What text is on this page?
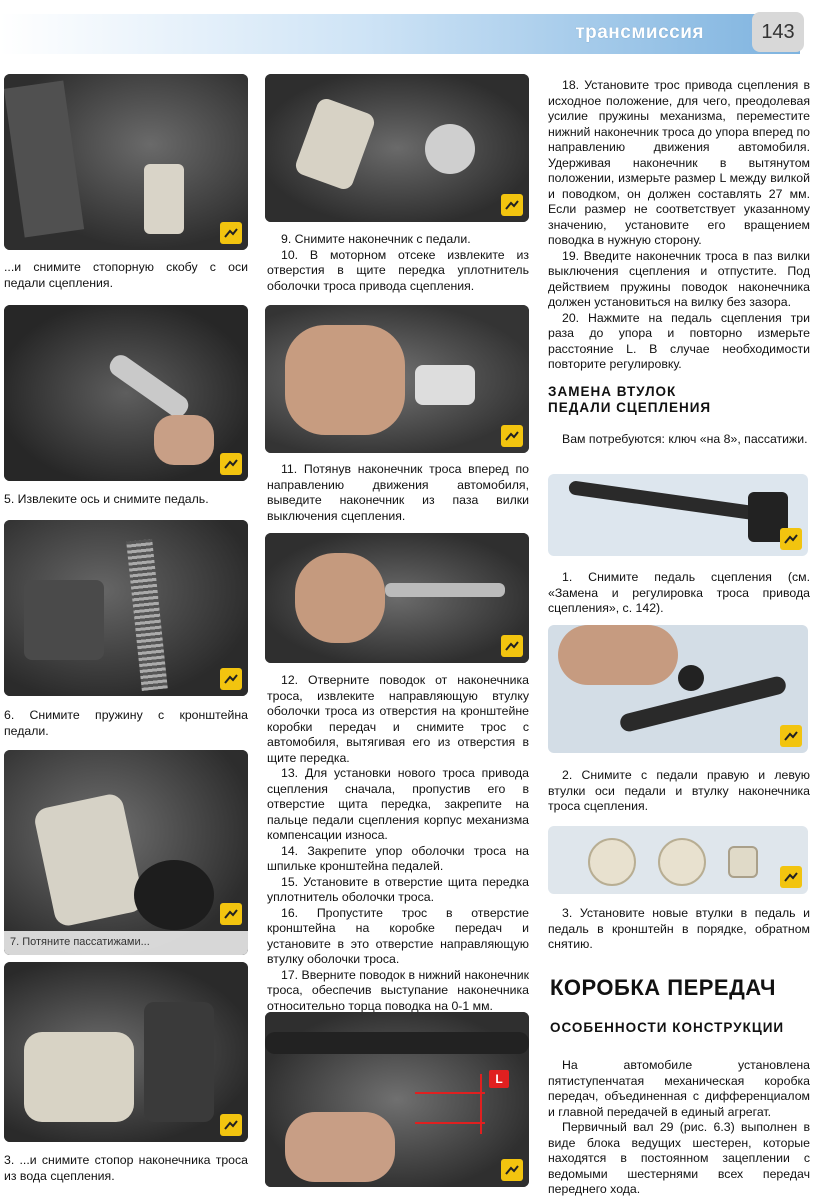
трансмиссия	143
...и снимите стопорную скобу с оси педали сцепления.
5. Извлеките ось и снимите педаль.
6. Снимите пружину с кронштейна педали.
7. Потяните пассатижами...
3. ...и снимите стопор наконечника троса из вода сцепления.

9. Снимите наконечник с педали.

10. В моторном отсеке извлеките из отверстия в щите передка уплотнитель оболочки троса привода сцепления.

11. Потянув наконечник троса вперед по направлению движения автомобиля, выведите наконечник из паза вилки выключения сцепления.

12. Отверните поводок от наконечника троса, извлеките направляющую втулку оболочки троса из отверстия на кронштейне коробки передач и снимите трос с автомобиля, вытягивая его из отверстия в щите передка.

13. Для установки нового троса привода сцепления сначала, пропустив его в отверстие щита передка, закрепите на пальце педали сцепления корпус механизма компенсации износа.

14. Закрепите упор оболочки троса на шпильке кронштейна педалей.

15. Установите в отверстие щита передка уплотнитель оболочки троса.

16. Пропустите трос в отверстие кронштейна на коробке передач и установите в это отверстие направляющую втулку оболочки троса.

17. Вверните поводок в нижний наконечник троса, обеспечив выступание наконечника относительно торца поводка на 0-1 мм.

L

18. Установите трос привода сцепления в исходное положение, для чего, преодолевая усилие пружины механизма, переместите нижний наконечник троса до упора вперед по направлению движения автомобиля. Удерживая наконечник в вытянутом положении, измерьте размер L между вилкой и поводком, он должен составлять 27 мм. Если размер не соответствует указанному значению, установите его вращением поводка в нужную сторону.

19. Введите наконечник троса в паз вилки выключения сцепления и отпустите. Под действием пружины поводок наконечника должен установиться на вилку без зазора.

20. Нажмите на педаль сцепления три раза до упора и повторно измерьте расстояние L. В случае необходимости повторите регулировку.

ЗАМЕНА ВТУЛОК
ПЕДАЛИ СЦЕПЛЕНИЯ

Вам потребуются: ключ «на 8», пассатижи.

1. Снимите педаль сцепления (см. «Замена и регулировка троса привода сцепления», с. 142).

2. Снимите с педали правую и левую втулки оси педали и втулку наконечника троса сцепления.

3. Установите новые втулки в педаль и педаль в кронштейн в порядке, обратном снятию.

КОРОБКА ПЕРЕДАЧ
ОСОБЕННОСТИ КОНСТРУКЦИИ

На автомобиле установлена пятиступенчатая механическая коробка передач, объединенная с дифференциалом и главной передачей в единый агрегат.

Первичный вал 29 (рис. 6.3) выполнен в виде блока ведущих шестерен, которые находятся в постоянном зацеплении с ведомыми шестернями всех передач переднего хода.
